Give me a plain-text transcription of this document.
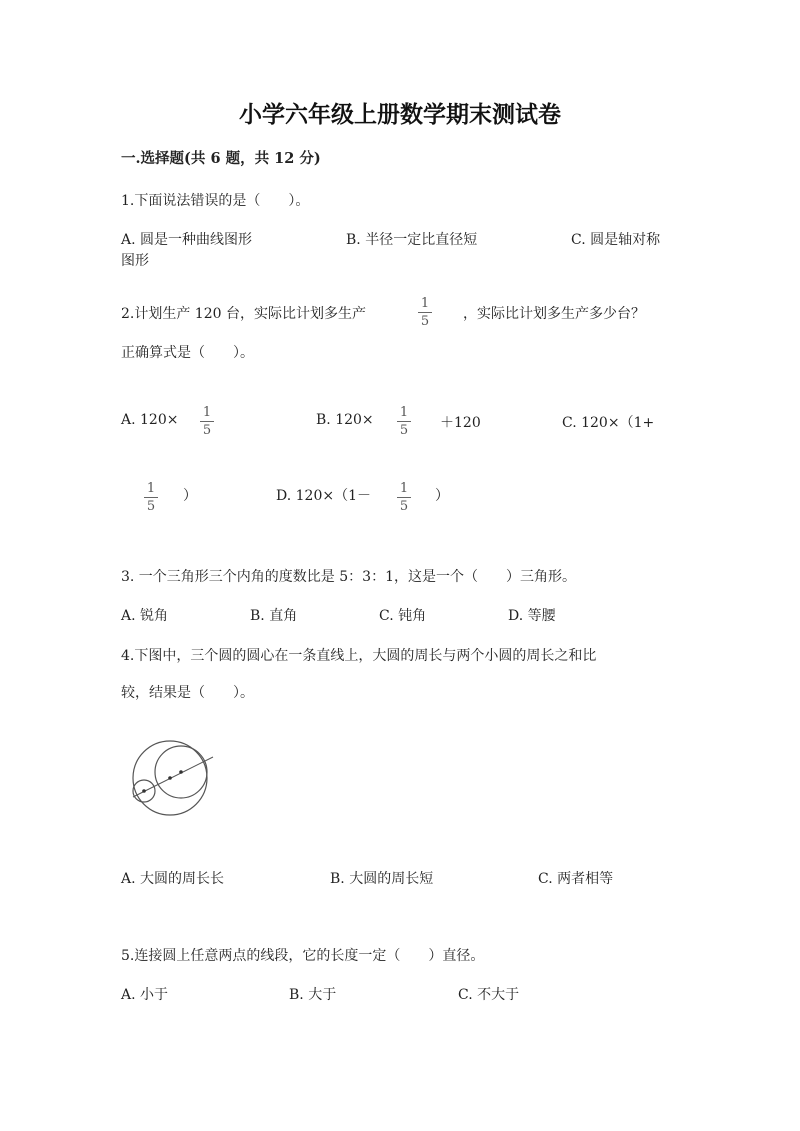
小学六年级上册数学期末测试卷
一.选择题(共 6 题，共 12 分)
1.下面说法错误的是（　　）。
A. 圆是一种曲线图形	B. 半径一定比直径短	C. 圆是轴对称
图形
2.计划生产 120 台，实际比计划多生产
1
5	，实际比计划多生产多少台？
正确算式是（　　）。
A. 120×	1
5
B. 120×	1
5	＋120	C. 120×（1+
1
5
）	D. 120×（1－	1
5
）
3. 一个三角形三个内角的度数比是 5：3：1，这是一个（　　）三角形。
A. 锐角	B. 直角	C. 钝角	D. 等腰
4.下图中，三个圆的圆心在一条直线上，大圆的周长与两个小圆的周长之和比
较，结果是（　　）。
A. 大圆的周长长	B. 大圆的周长短	C. 两者相等
5.连接圆上任意两点的线段，它的长度一定（　　）直径。
A. 小于	B. 大于	C. 不大于
